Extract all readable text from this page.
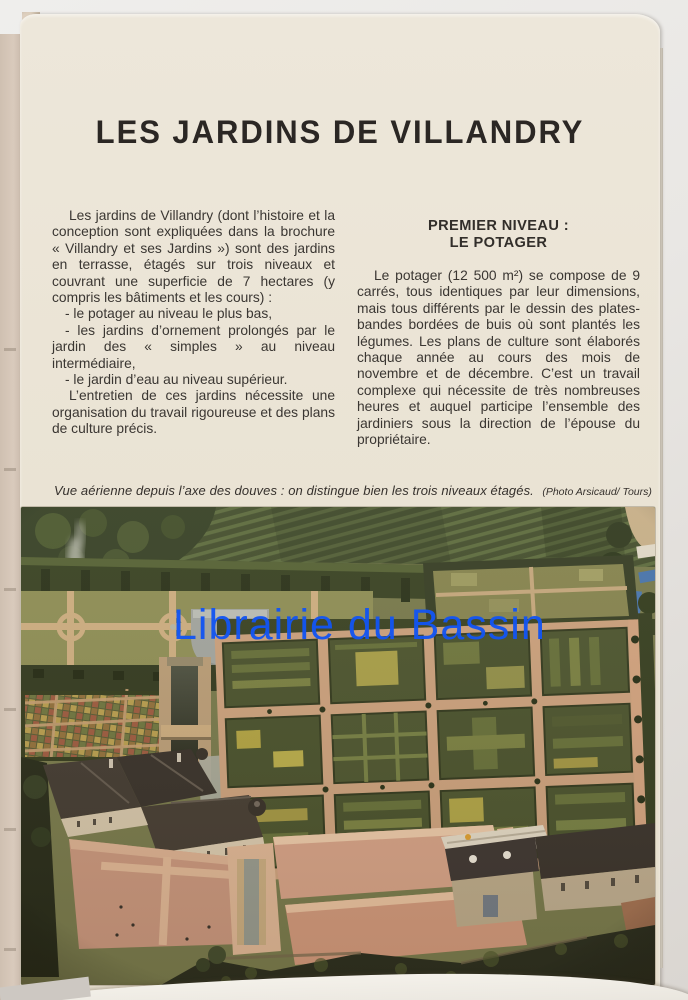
LES JARDINS DE VILLANDRY

Les jardins de Villandry (dont l’histoire et la conception sont expliquées dans la brochure « Villandry et ses Jardins ») sont des jardins en terrasse, étagés sur trois niveaux et couvrant une superficie de 7 hectares (y compris les bâtiments et les cours) :

- le potager au niveau le plus bas,

- les jardins d’ornement prolongés par le jardin des « simples » au niveau intermédiaire,

- le jardin d’eau au niveau supérieur.

L’entretien de ces jardins nécessite une organisation du travail rigoureuse et des plans de culture précis.

PREMIER NIVEAU :
LE POTAGER

Le potager (12 500 m²) se compose de 9 carrés, tous identiques par leur dimensions, mais tous différents par le dessin des plates-bandes bordées de buis où sont plantés les légumes. Les plans de culture sont élaborés chaque année au cours des mois de novembre et de décembre. C’est un travail complexe qui nécessite de très nombreuses heures et auquel participe l’ensemble des jardiniers sous la direction de l’épouse du propriétaire.

Vue aérienne depuis l’axe des douves : on distingue bien les trois niveaux étagés. (Photo Arsicaud/ Tours)
Librairie du Bassin
